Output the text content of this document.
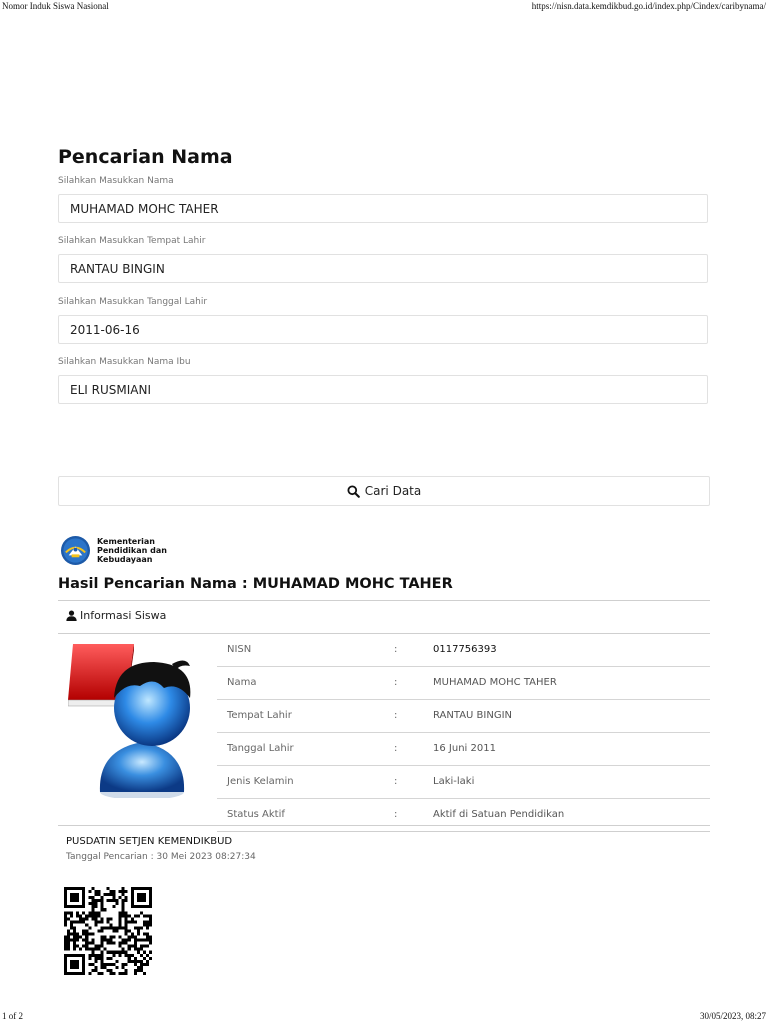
Nomor Induk Siswa Nasional	https://nisn.data.kemdikbud.go.id/index.php/Cindex/caribynama/
Pencarian Nama
Silahkan Masukkan Nama
MUHAMAD MOHC TAHER
Silahkan Masukkan Tempat Lahir
RANTAU BINGIN
Silahkan Masukkan Tanggal Lahir
2011-06-16
Silahkan Masukkan Nama Ibu
ELI RUSMIANI
Cari Data
Kementerian
Pendidikan dan
Kebudayaan
Hasil Pencarian Nama : MUHAMAD MOHC TAHER
Informasi Siswa
NISN	:	0117756393
Nama	:	MUHAMAD MOHC TAHER
Tempat Lahir	:	RANTAU BINGIN
Tanggal Lahir	:	16 Juni 2011
Jenis Kelamin	:	Laki-laki
Status Aktif	:	Aktif di Satuan Pendidikan
PUSDATIN SETJEN KEMENDIKBUD
Tanggal Pencarian : 30 Mei 2023 08:27:34
1 of 2	30/05/2023, 08:27
